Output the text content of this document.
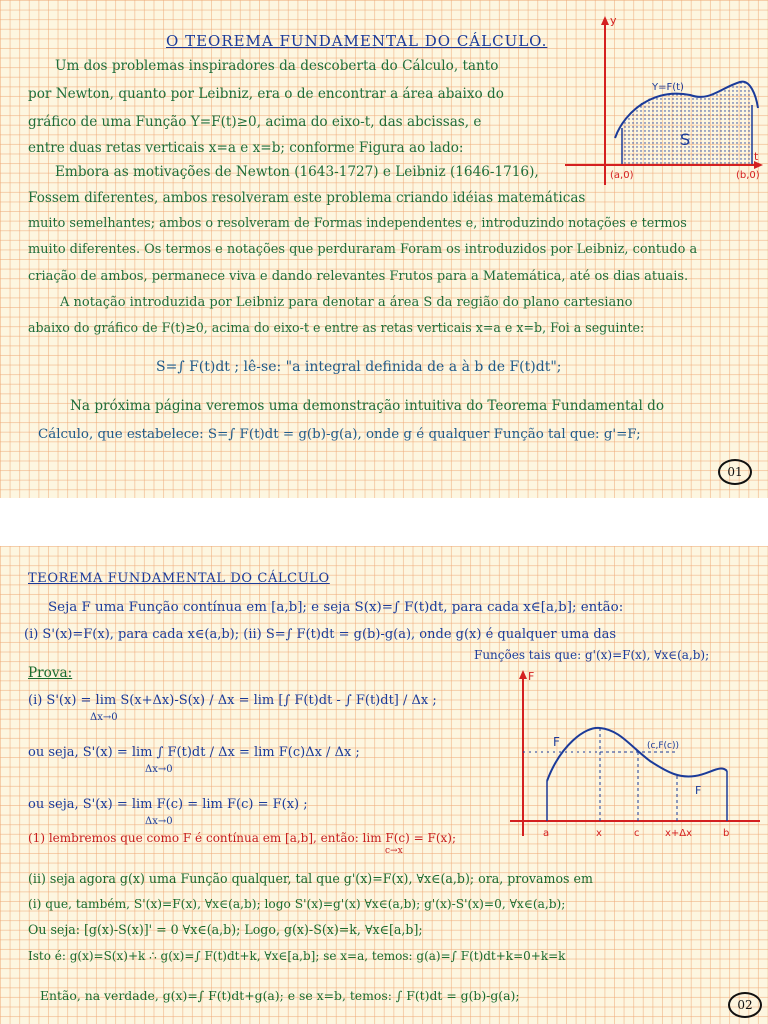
O TEOREMA FUNDAMENTAL DO CÁLCULO.
Um dos problemas inspiradores da descoberta do Cálculo, tanto
por Newton, quanto por Leibniz, era o de encontrar a área abaixo do
gráfico de uma Função Y=F(t)≥0, acima do eixo-t, das abcissas, e
entre duas retas verticais x=a e x=b; conforme Figura ao lado:
Embora as motivações de Newton (1643-1727) e Leibniz (1646-1716),
Fossem diferentes, ambos resolveram este problema criando idéias matemáticas
muito semelhantes; ambos o resolveram de Formas independentes e, introduzindo notações e termos
muito diferentes. Os termos e notações que perduraram Foram os introduzidos por Leibniz, contudo a
criação de ambos, permanece viva e dando relevantes Frutos para a Matemática, até os dias atuais.
A notação introduzida por Leibniz para denotar a área S da região do plano cartesiano
abaixo do gráfico de F(t)≥0, acima do eixo-t e entre as retas verticais x=a e x=b, Foi a seguinte:
S=∫ F(t)dt ; lê-se: "a integral definida de a à b de F(t)dt";
Na próxima página veremos uma demonstração intuitiva do Teorema Fundamental do
Cálculo, que estabelece: S=∫ F(t)dt = g(b)-g(a), onde g é qualquer Função tal que: g'=F;
01
y
t
Y=F(t)
S
(a,0)	(b,0)
TEOREMA FUNDAMENTAL DO CÁLCULO
Seja F uma Função contínua em [a,b]; e seja S(x)=∫ F(t)dt, para cada x∈[a,b]; então:
(i) S'(x)=F(x), para cada x∈(a,b); (ii) S=∫ F(t)dt = g(b)-g(a), onde g(x) é qualquer uma das
Funções tais que: g'(x)=F(x), ∀x∈(a,b);
Prova:
(i) S'(x) = lim S(x+Δx)-S(x) / Δx = lim [∫ F(t)dt - ∫ F(t)dt] / Δx ;
ou seja, S'(x) = lim ∫ F(t)dt / Δx = lim F(c)Δx / Δx ;
ou seja, S'(x) = lim F(c) = lim F(c) = F(x) ;
Δx→0
Δx→0
Δx→0
(1) lembremos que como F é contínua em [a,b], então: lim F(c) = F(x);
c→x
(ii) seja agora g(x) uma Função qualquer, tal que g'(x)=F(x), ∀x∈(a,b); ora, provamos em
(i) que, também, S'(x)=F(x), ∀x∈(a,b); logo S'(x)=g'(x) ∀x∈(a,b); g'(x)-S'(x)=0, ∀x∈(a,b);
Ou seja: [g(x)-S(x)]' = 0 ∀x∈(a,b); Logo, g(x)-S(x)=k, ∀x∈[a,b];
Isto é: g(x)=S(x)+k ∴ g(x)=∫ F(t)dt+k, ∀x∈[a,b]; se x=a, temos: g(a)=∫ F(t)dt+k=0+k=k
Então, na verdade, g(x)=∫ F(t)dt+g(a); e se x=b, temos: ∫ F(t)dt = g(b)-g(a);
02
F
F
F
(c,F(c))
a	x	c	x+Δx	b
